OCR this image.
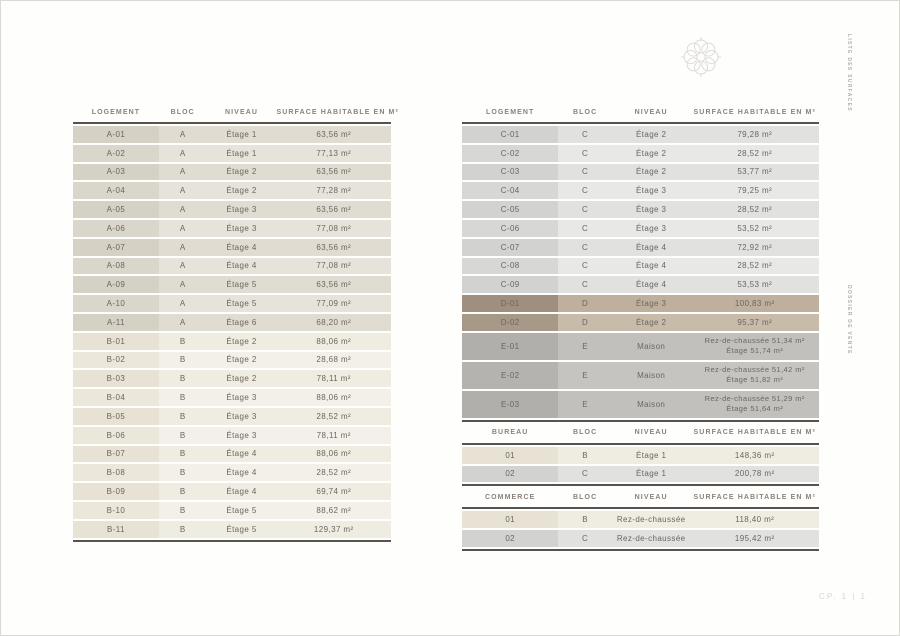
LISTE DES SURFACES
DOSSIER DE VENTE
LOGEMENT	BLOC	NIVEAU	SURFACE HABITABLE EN M²
A-01	A	Étage 1	63,56 m²
A-02	A	Étage 1	77,13 m²
A-03	A	Étage 2	63,56 m²
A-04	A	Étage 2	77,28 m²
A-05	A	Étage 3	63,56 m²
A-06	A	Étage 3	77,08 m²
A-07	A	Étage 4	63,56 m²
A-08	A	Étage 4	77,08 m²
A-09	A	Étage 5	63,56 m²
A-10	A	Étage 5	77,09 m²
A-11	A	Étage 6	68,20 m²
B-01	B	Étage 2	88,06 m²
B-02	B	Étage 2	28,68 m²
B-03	B	Étage 2	78,11 m²
B-04	B	Étage 3	88,06 m²
B-05	B	Étage 3	28,52 m²
B-06	B	Étage 3	78,11 m²
B-07	B	Étage 4	88,06 m²
B-08	B	Étage 4	28,52 m²
B-09	B	Étage 4	69,74 m²
B-10	B	Étage 5	88,62 m²
B-11	B	Étage 5	129,37 m²
LOGEMENT	BLOC	NIVEAU	SURFACE HABITABLE EN M²
C-01	C	Étage 2	79,28 m²
C-02	C	Étage 2	28,52 m²
C-03	C	Étage 2	53,77 m²
C-04	C	Étage 3	79,25 m²
C-05	C	Étage 3	28,52 m²
C-06	C	Étage 3	53,52 m²
C-07	C	Étage 4	72,92 m²
C-08	C	Étage 4	28,52 m²
C-09	C	Étage 4	53,53 m²
D-01	D	Étage 3	100,83 m²
D-02	D	Étage 2	95,37 m²
E-01	E	Maison
Rez-de-chaussée 51,34 m²
Étage 51,74 m²
E-02	E	Maison
Rez-de-chaussée 51,42 m²
Étage 51,82 m²
E-03	E	Maison
Rez-de-chaussée 51,29 m²
Étage 51,64 m²
BUREAU	BLOC	NIVEAU	SURFACE HABITABLE EN M²
01	B	Étage 1	148,36 m²
02	C	Étage 1	200,78 m²
COMMERCE	BLOC	NIVEAU	SURFACE HABITABLE EN M²
01	B	Rez-de-chaussée	118,40 m²
02	C	Rez-de-chaussée	195,42 m²
CP. 1 | 1
